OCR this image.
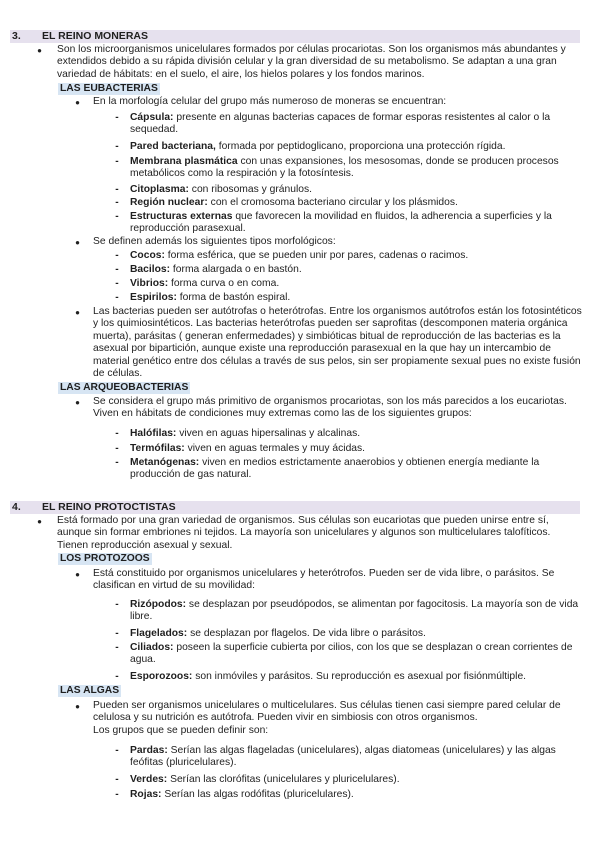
3. EL REINO MONERAS
● Son los microorganismos unicelulares formados por células procariotas. Son los organismos más abundantes y extendidos debido a su rápida división celular y la gran diversidad de su metabolismo. Se adaptan a una gran variedad de hábitats: en el suelo, el aire, los hielos polares y los fondos marinos.

LAS EUBACTERIAS
● En la morfología celular del grupo más numeroso de moneras se encuentran:

- Cápsula: presente en algunas bacterias capaces de formar esporas resistentes al calor o la sequedad.

- Pared bacteriana, formada por peptidoglicano, proporciona una protección rígida.

- Membrana plasmática con unas expansiones, los mesosomas, donde se producen procesos metabólicos como la respiración y la fotosíntesis.

- Citoplasma: con ribosomas y gránulos.

- Región nuclear: con el cromosoma bacteriano circular y los plásmidos.

- Estructuras externas que favorecen la movilidad en fluidos, la adherencia a superficies y la reproducción parasexual.

● Se definen además los siguientes tipos morfológicos:

- Cocos: forma esférica, que se pueden unir por pares, cadenas o racimos.

- Bacilos: forma alargada o en bastón.

- Vibrios: forma curva o en coma.

- Espirilos: forma de bastón espiral.

● Las bacterias pueden ser autótrofas o heterótrofas. Entre los organismos autótrofos están los fotosintéticos y los quimiosintéticos. Las bacterias heterótrofas pueden ser saprofitas (descomponen materia orgánica muerta), parásitas ( generan enfermedades) y simbióticas bitual de reproducción de las bacterias es la asexual por bipartición, aunque existe una reproducción parasexual en la que hay un intercambio de material genético entre dos células a través de sus pelos, sin ser propiamente sexual pues no existe fusión de células.

LAS ARQUEOBACTERIAS
● Se considera el grupo más primitivo de organismos procariotas, son los más parecidos a los eucariotas. Viven en hábitats de condiciones muy extremas como las de los siguientes grupos:

- Halófilas: viven en aguas hipersalinas y alcalinas.

- Termófilas: viven en aguas termales y muy ácidas.

- Metanógenas: viven en medios estrictamente anaerobios y obtienen energía mediante la producción de gas natural.

4. EL REINO PROTOCTISTAS
● Está formado por una gran variedad de organismos. Sus células son eucariotas que pueden unirse entre sí, aunque sin formar embriones ni tejidos. La mayoría son unicelulares y algunos son multicelulares talofíticos. Tienen reproducción asexual y sexual.

LOS PROTOZOOS
● Está constituido por organismos unicelulares y heterótrofos. Pueden ser de vida libre, o parásitos. Se clasifican en virtud de su movilidad:

- Rizópodos: se desplazan por pseudópodos, se alimentan por fagocitosis. La mayoría son de vida libre.

- Flagelados: se desplazan por flagelos. De vida libre o parásitos.

- Ciliados: poseen la superficie cubierta por cilios, con los que se desplazan o crean corrientes de agua.

- Esporozoos: son inmóviles y parásitos. Su reproducción es asexual por fisiónmúltiple.

LAS ALGAS
● Pueden ser organismos unicelulares o multicelulares. Sus células tienen casi siempre pared celular de celulosa y su nutrición es autótrofa. Pueden vivir en simbiosis con otros organismos.

Los grupos que se pueden definir son:

- Pardas: Serían las algas flageladas (unicelulares), algas diatomeas (unicelulares) y las algas feófitas (pluricelulares).

- Verdes: Serían las clorófitas (unicelulares y pluricelulares).

- Rojas: Serían las algas rodófitas (pluricelulares).
